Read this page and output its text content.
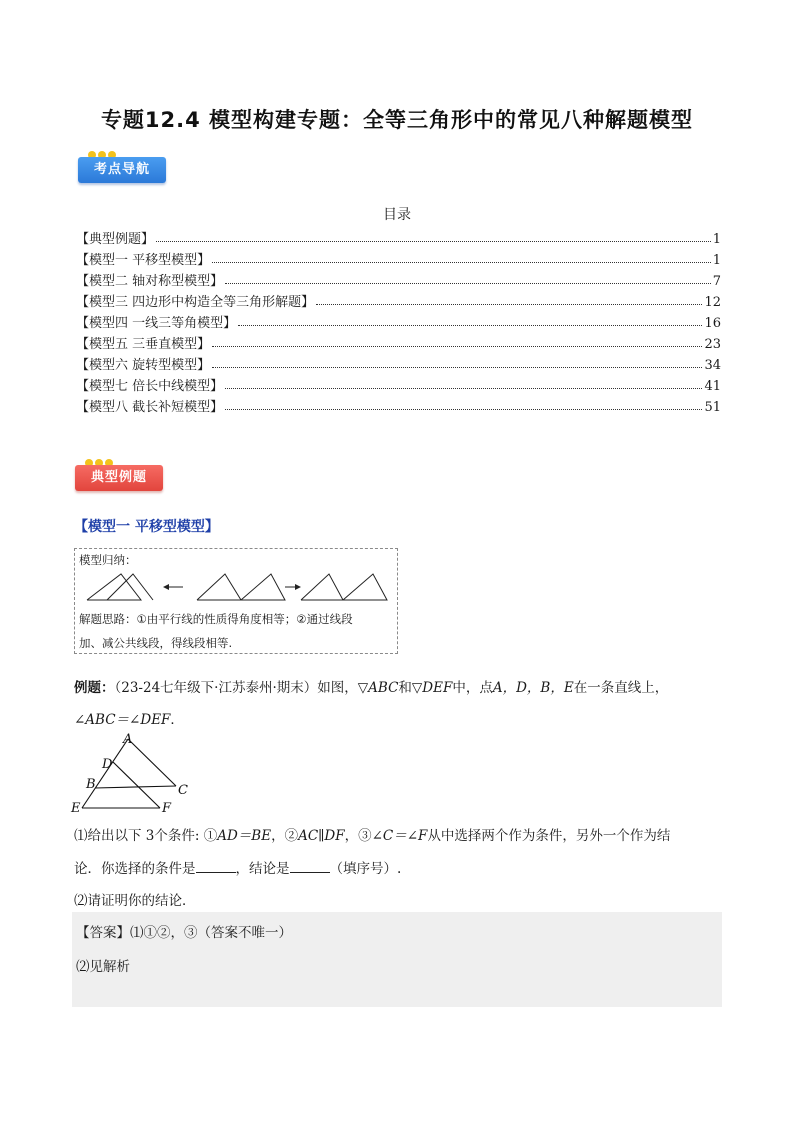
专题12.4 模型构建专题：全等三角形中的常见八种解题模型
考点导航
目录
【典型例题】	1
【模型一 平移型模型】	1
【模型二 轴对称型模型】	7
【模型三 四边形中构造全等三角形解题】	12
【模型四 一线三等角模型】	16
【模型五 三垂直模型】	23
【模型六 旋转型模型】	34
【模型七 倍长中线模型】	41
【模型八 截长补短模型】	51
典型例题
【模型一 平移型模型】
模型归纳：
解题思路：①由平行线的性质得角度相等；②通过线段
加、减公共线段，得线段相等.
例题：（23-24七年级下·江苏泰州·期末）如图，▽ABC和▽DEF中，点A，D，B，E在一条直线上，
∠ABC＝∠DEF．
A
D
B	C
E	F
⑴给出以下 3个条件: ①AD＝BE，②AC∥DF，③∠C＝∠F从中选择两个作为条件，另外一个作为结
论．你选择的条件是	，结论是	（填序号）.
⑵请证明你的结论．
【答案】⑴①②，③（答案不唯一）
⑵见解析
